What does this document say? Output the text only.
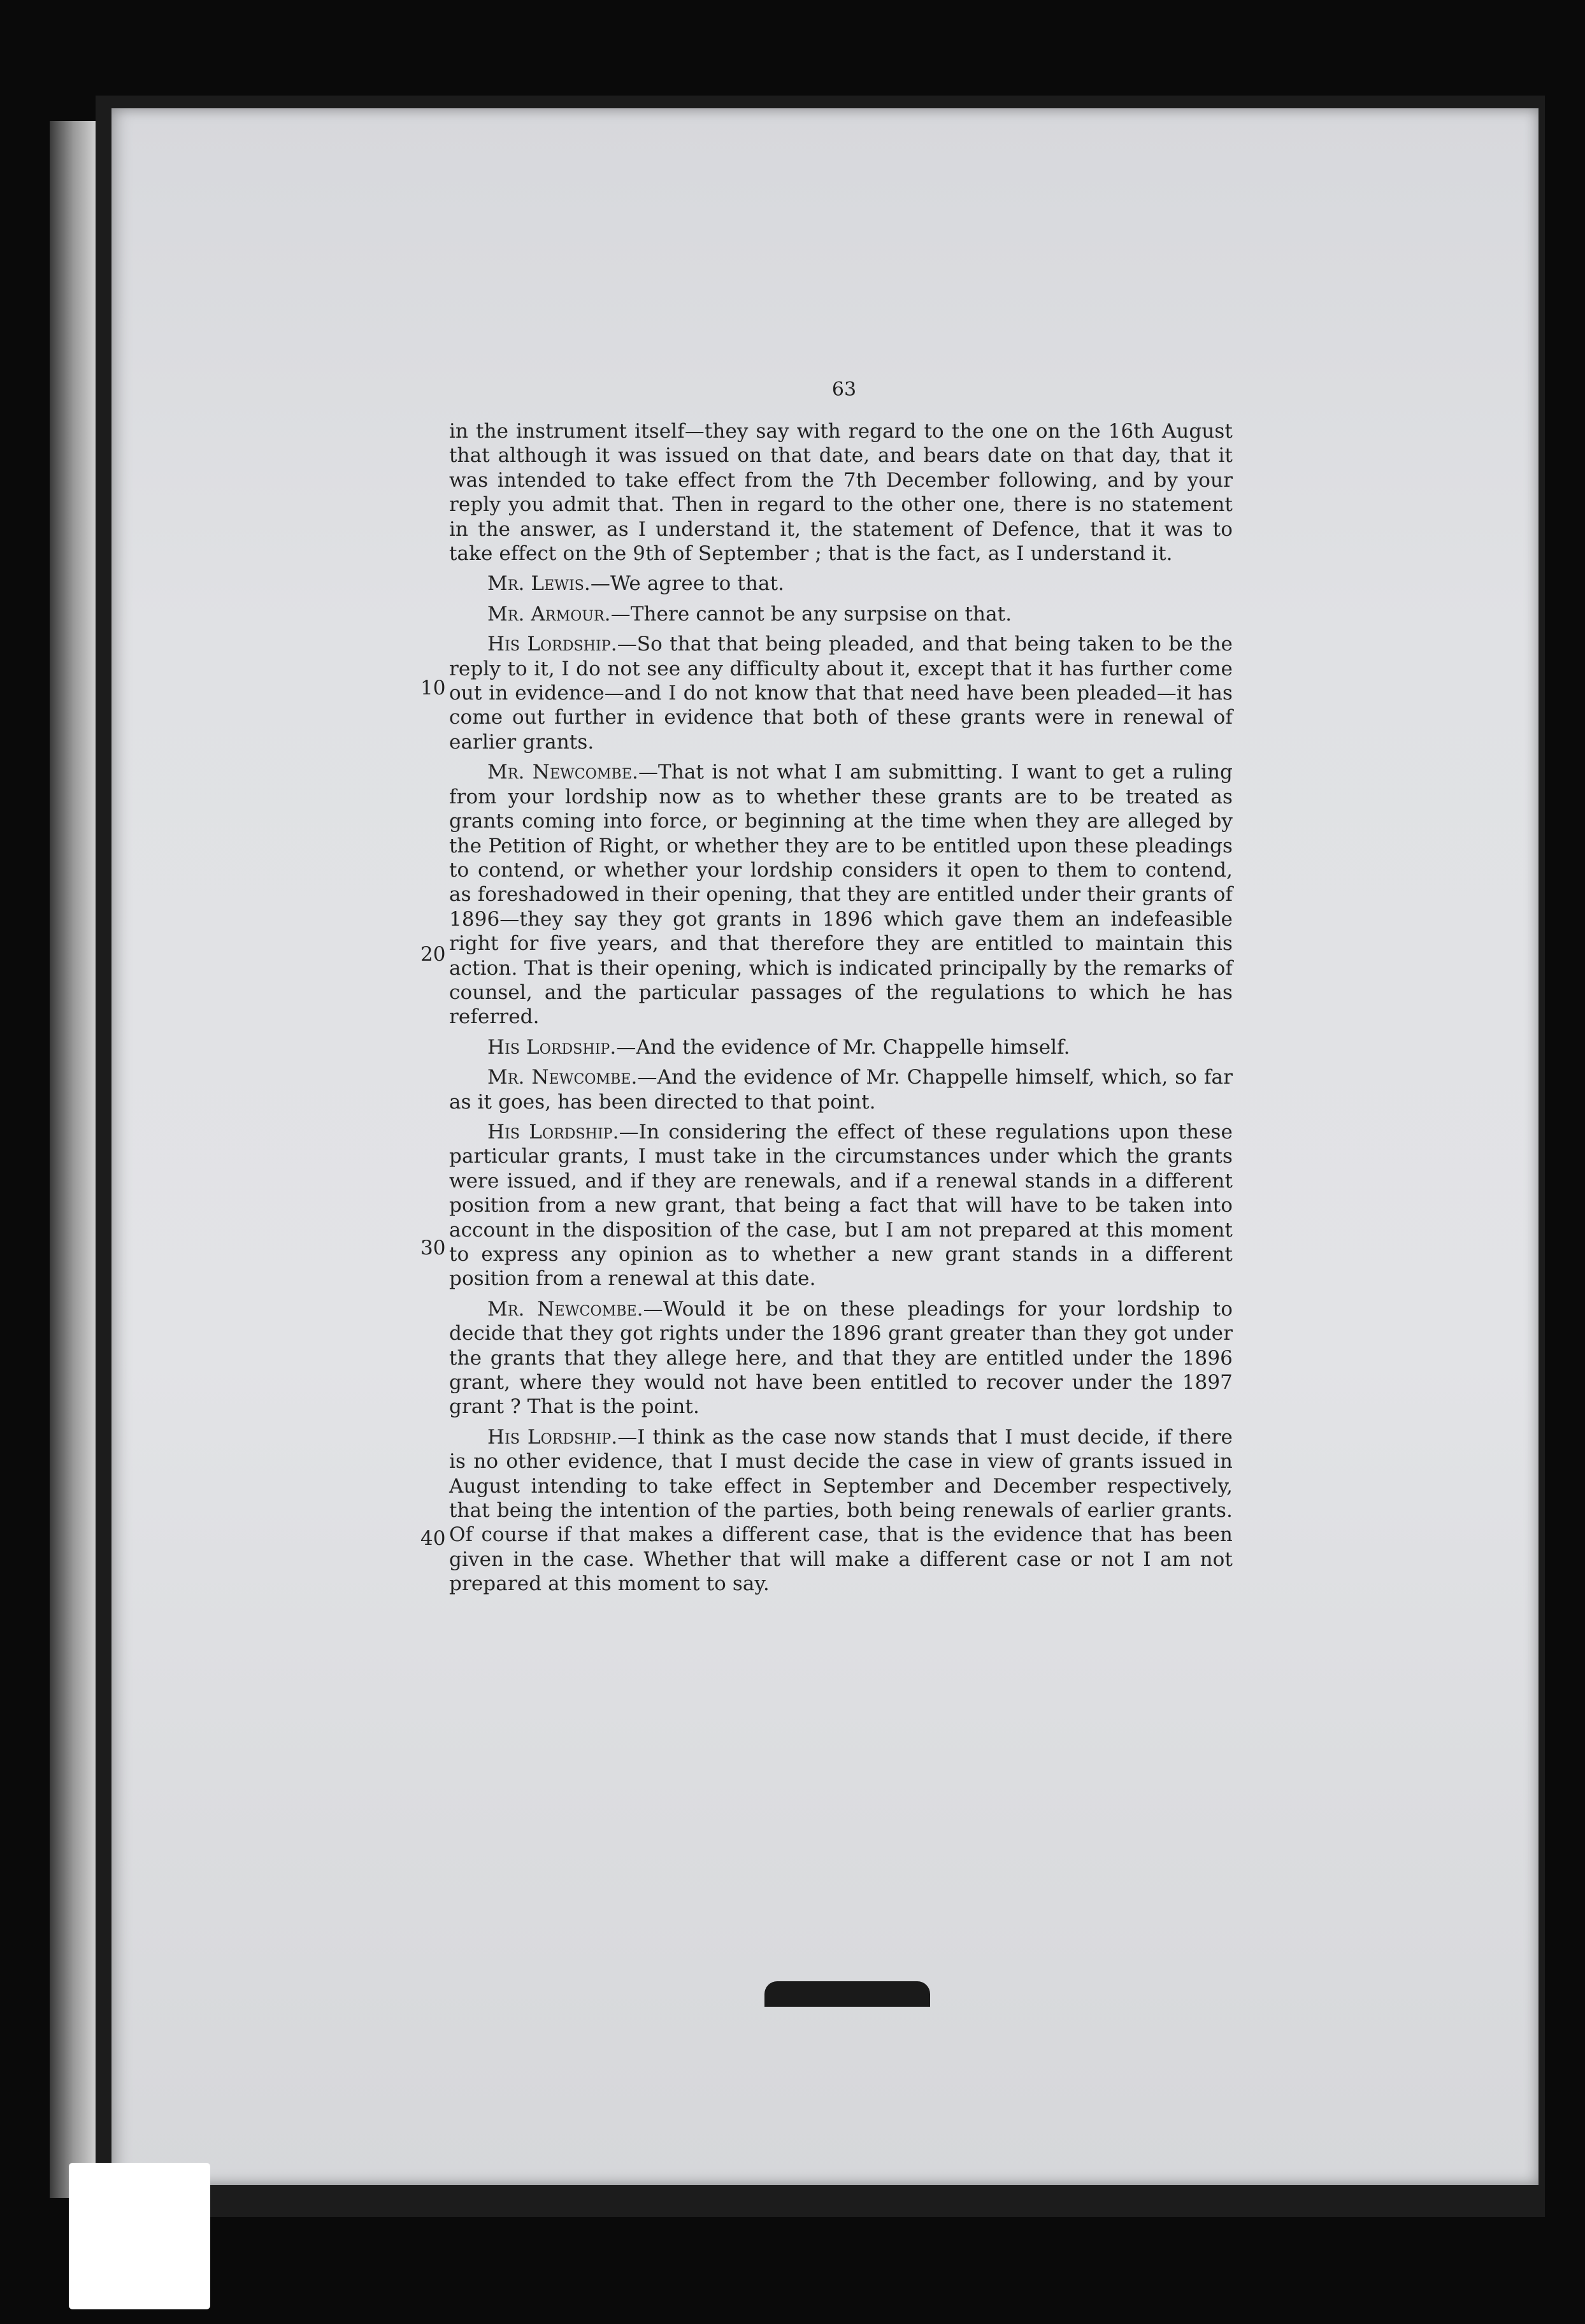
63
10
20
30
40

in the instrument itself—they say with regard to the one on the 16th August that although it was issued on that date, and bears date on that day, that it was intended to take effect from the 7th December following, and by your reply you admit that. Then in regard to the other one, there is no statement in the answer, as I understand it, the statement of Defence, that it was to take effect on the 9th of September ; that is the fact, as I understand it.

Mr. Lewis.—We agree to that.

Mr. Armour.—There cannot be any surpsise on that.

His Lordship.—So that that being pleaded, and that being taken to be the reply to it, I do not see any difficulty about it, except that it has further come out in evidence—and I do not know that that need have been pleaded—it has come out further in evidence that both of these grants were in renewal of earlier grants.

Mr. Newcombe.—That is not what I am submitting. I want to get a ruling from your lordship now as to whether these grants are to be treated as grants coming into force, or beginning at the time when they are alleged by the Petition of Right, or whether they are to be entitled upon these pleadings to contend, or whether your lordship considers it open to them to contend, as foreshadowed in their opening, that they are entitled under their grants of 1896—they say they got grants in 1896 which gave them an indefeasible right for five years, and that therefore they are entitled to maintain this action. That is their opening, which is indicated principally by the remarks of counsel, and the particular passages of the regulations to which he has referred.

His Lordship.—And the evidence of Mr. Chappelle himself.

Mr. Newcombe.—And the evidence of Mr. Chappelle himself, which, so far as it goes, has been directed to that point.

His Lordship.—In considering the effect of these regulations upon these particular grants, I must take in the circumstances under which the grants were issued, and if they are renewals, and if a renewal stands in a different position from a new grant, that being a fact that will have to be taken into account in the disposition of the case, but I am not prepared at this moment to express any opinion as to whether a new grant stands in a different position from a renewal at this date.

Mr. Newcombe.—Would it be on these pleadings for your lordship to decide that they got rights under the 1896 grant greater than they got under the grants that they allege here, and that they are entitled under the 1896 grant, where they would not have been entitled to recover under the 1897 grant ? That is the point.

His Lordship.—I think as the case now stands that I must decide, if there is no other evidence, that I must decide the case in view of grants issued in August intending to take effect in September and December respectively, that being the intention of the parties, both being renewals of earlier grants. Of course if that makes a different case, that is the evidence that has been given in the case. Whether that will make a different case or not I am not prepared at this moment to say.
